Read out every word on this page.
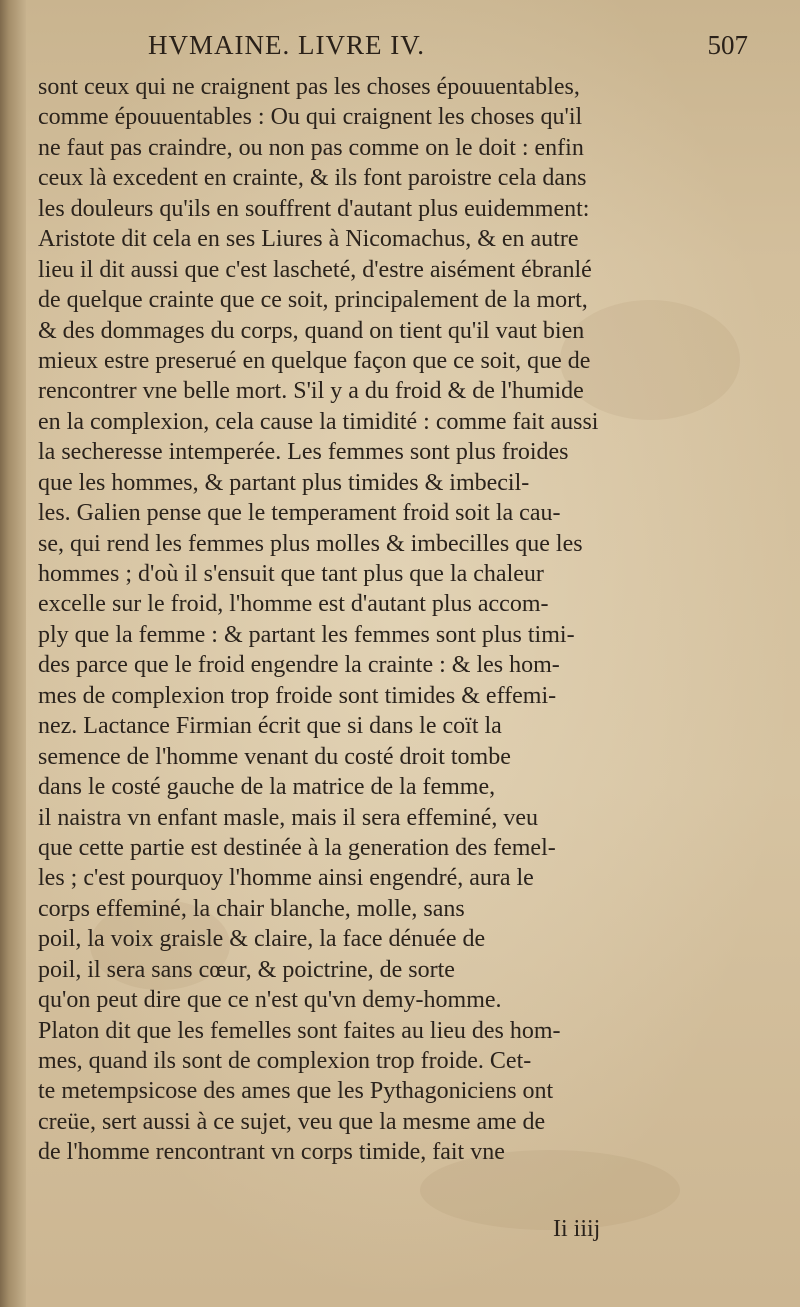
HVMAINE. LIVRE IV.	507
sont ceux qui ne craignent pas les choses épouuentables,
comme épouuentables : Ou qui craignent les choses qu'il
ne faut pas craindre, ou non pas comme on le doit : enfin
ceux là excedent en crainte, & ils font paroistre cela dans
les douleurs qu'ils en souffrent d'autant plus euidemment:
Aristote dit cela en ses Liures à Nicomachus, & en autre
lieu il dit aussi que c'est lascheté, d'estre aisément ébranlé
de quelque crainte que ce soit, principalement de la mort,
& des dommages du corps, quand on tient qu'il vaut bien
mieux estre preserué en quelque façon que ce soit, que de
rencontrer vne belle mort. S'il y a du froid & de l'humide
en la complexion, cela cause la timidité : comme fait aussi
la secheresse intemperée. Les femmes sont plus froides
que les hommes, & partant plus timides & imbecil-
les. Galien pense que le temperament froid soit la cau-
se, qui rend les femmes plus molles & imbecilles que les
hommes ; d'où il s'ensuit que tant plus que la chaleur
excelle sur le froid, l'homme est d'autant plus accom-
ply que la femme : & partant les femmes sont plus timi-
des parce que le froid engendre la crainte : & les hom-
mes de complexion trop froide sont timides & effemi-
nez. Lactance Firmian écrit que si dans le coït la
semence de l'homme venant du costé droit tombe
dans le costé gauche de la matrice de la femme,
il naistra vn enfant masle, mais il sera effeminé, veu
que cette partie est destinée à la generation des femel-
les ; c'est pourquoy l'homme ainsi engendré, aura le
corps effeminé, la chair blanche, molle, sans
poil, la voix graisle & claire, la face dénuée de
poil, il sera sans cœur, & poictrine, de sorte
qu'on peut dire que ce n'est qu'vn demy-homme.
Platon dit que les femelles sont faites au lieu des hom-
mes, quand ils sont de complexion trop froide. Cet-
te metempsicose des ames que les Pythagoniciens ont
creüe, sert aussi à ce sujet, veu que la mesme ame de
de l'homme rencontrant vn corps timide, fait vne
Ii iiij
